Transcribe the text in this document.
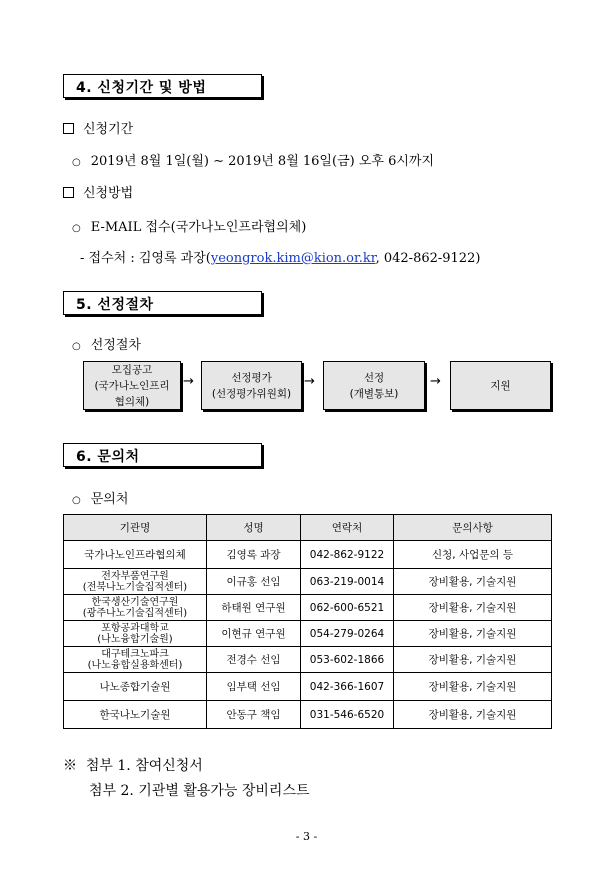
4. 신청기간 및 방법
신청기간
○ 2019년 8월 1일(월) ∼ 2019년 8월 16일(금) 오후 6시까지
신청방법
○ E-MAIL 접수(국가나노인프라협의체)
- 접수처 : 김영록 과장(yeongrok.kim@kion.or.kr, 042-862-9122)
5. 선정절차
○ 선정절차
모집공고
(국가나노인프리
협의체)
→	선정평가
(선정평가위원회)
→	선정
(개별통보)
→	지원
6. 문의처
○ 문의처
기관명	성명	연락처	문의사항
국가나노인프라협의체	김영록 과장	042-862-9122	신청, 사업문의 등

전자부품연구원
(전북나노기술집적센터)	이규홍 선임	063-219-0014	장비활용, 기술지원

한국생산기술연구원
(광주나노기술집적센터)	하태원 연구원	062-600-6521	장비활용, 기술지원

포항공과대학교
(나노융합기술원)	이현규 연구원	054-279-0264	장비활용, 기술지원

대구테크노파크
(나노융합실용화센터)	전경수 선임	053-602-1866	장비활용, 기술지원
나노종합기술원	임부택 선임	042-366-1607	장비활용, 기술지원
한국나노기술원	안동구 책임	031-546-6520	장비활용, 기술지원
※ 첨부 1. 참여신청서
첨부 2. 기관별 활용가능 장비리스트
- 3 -
